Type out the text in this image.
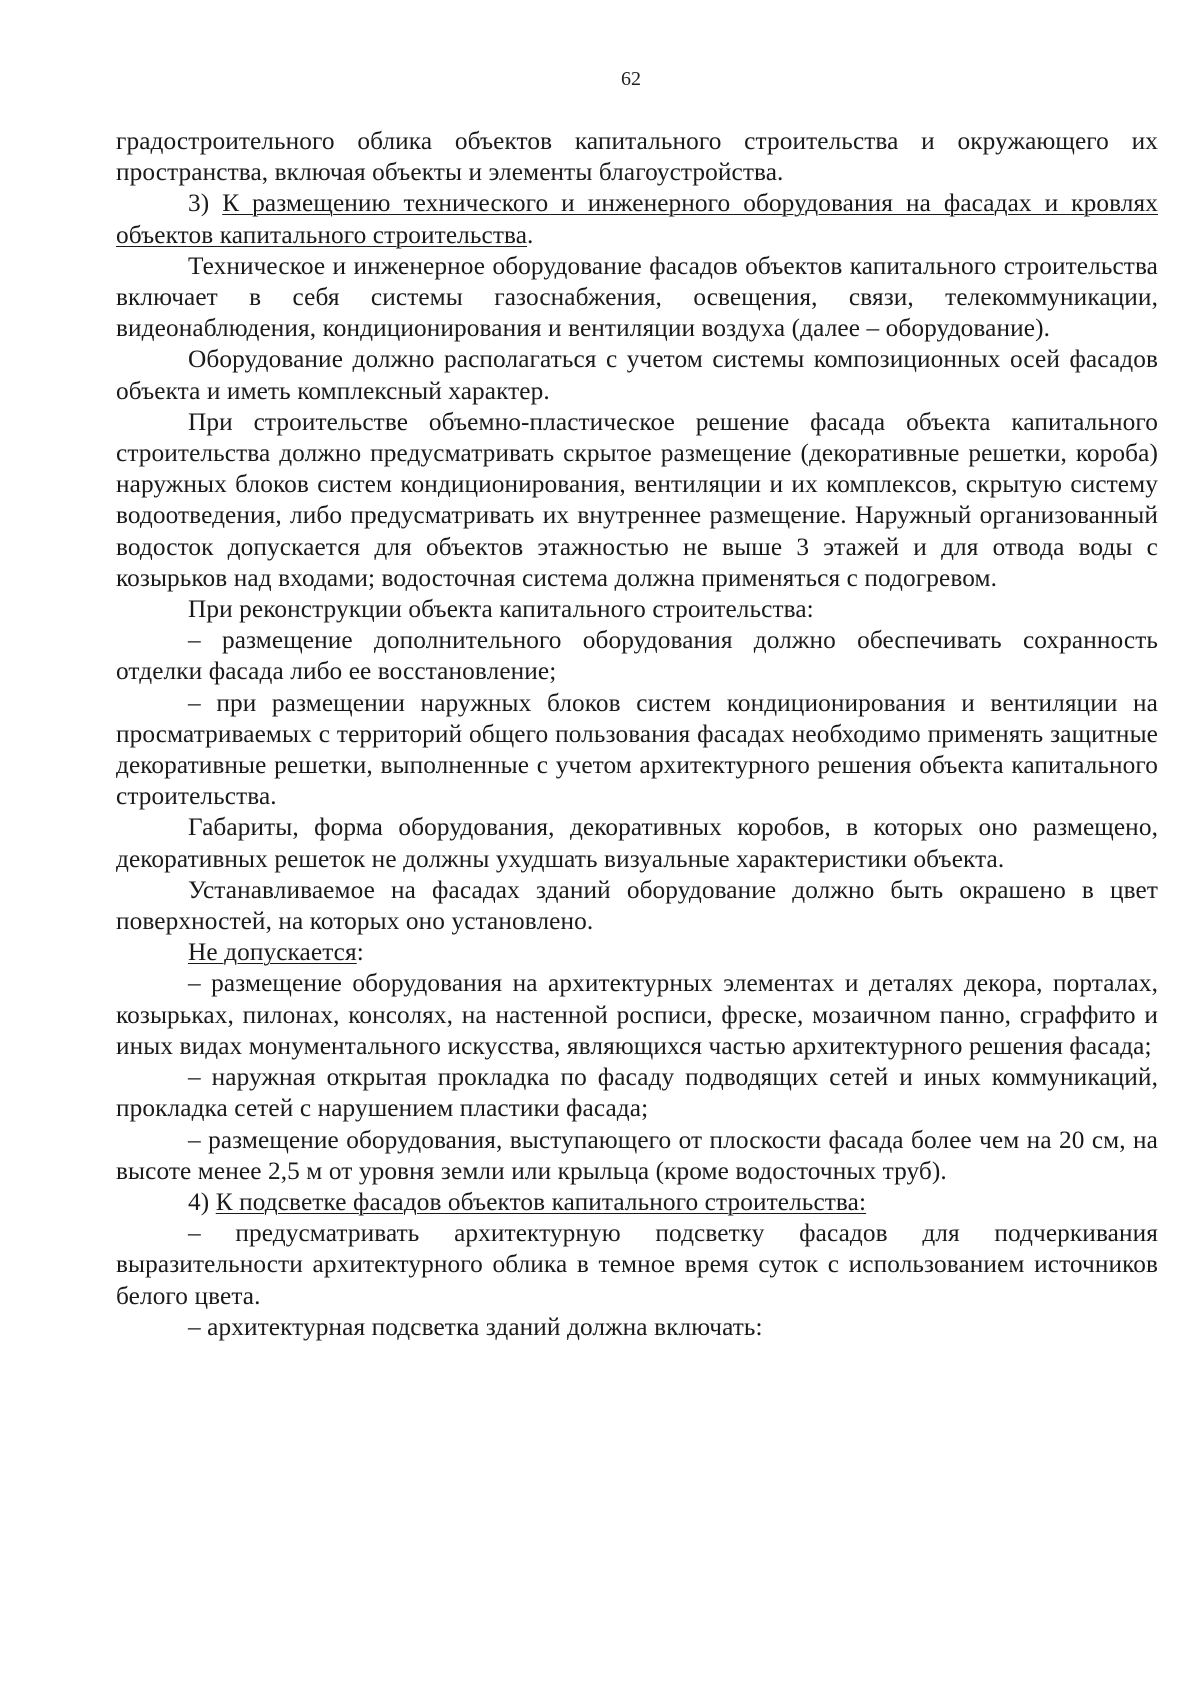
62

градостроительного облика объектов капитального строительства и окружающего их пространства, включая объекты и элементы благоустройства.

3) К размещению технического и инженерного оборудования на фасадах и кровлях объектов капитального строительства.

Техническое и инженерное оборудование фасадов объектов капитального строительства включает в себя системы газоснабжения, освещения, связи, телекоммуникации, видеонаблюдения, кондиционирования и вентиляции воздуха (далее – оборудование).

Оборудование должно располагаться с учетом системы композиционных осей фасадов объекта и иметь комплексный характер.

При строительстве объемно-пластическое решение фасада объекта капитального строительства должно предусматривать скрытое размещение (декоративные решетки, короба) наружных блоков систем кондиционирования, вентиляции и их комплексов, скрытую систему водоотведения, либо предусматривать их внутреннее размещение. Наружный организованный водосток допускается для объектов этажностью не выше 3 этажей и для отвода воды с козырьков над входами; водосточная система должна применяться с подогревом.

При реконструкции объекта капитального строительства:

– размещение дополнительного оборудования должно обеспечивать сохранность отделки фасада либо ее восстановление;

– при размещении наружных блоков систем кондиционирования и вентиляции на просматриваемых с территорий общего пользования фасадах необходимо применять защитные декоративные решетки, выполненные с учетом архитектурного решения объекта капитального строительства.

Габариты, форма оборудования, декоративных коробов, в которых оно размещено, декоративных решеток не должны ухудшать визуальные характеристики объекта.

Устанавливаемое на фасадах зданий оборудование должно быть окрашено в цвет поверхностей, на которых оно установлено.

Не допускается:

– размещение оборудования на архитектурных элементах и деталях декора, порталах, козырьках, пилонах, консолях, на настенной росписи, фреске, мозаичном панно, сграффито и иных видах монументального искусства, являющихся частью архитектурного решения фасада;

– наружная открытая прокладка по фасаду подводящих сетей и иных коммуникаций, прокладка сетей с нарушением пластики фасада;

– размещение оборудования, выступающего от плоскости фасада более чем на 20 см, на высоте менее 2,5 м от уровня земли или крыльца (кроме водосточных труб).

4) К подсветке фасадов объектов капитального строительства:

– предусматривать архитектурную подсветку фасадов для подчеркивания выразительности архитектурного облика в темное время суток с использованием источников белого цвета.

– архитектурная подсветка зданий должна включать:
